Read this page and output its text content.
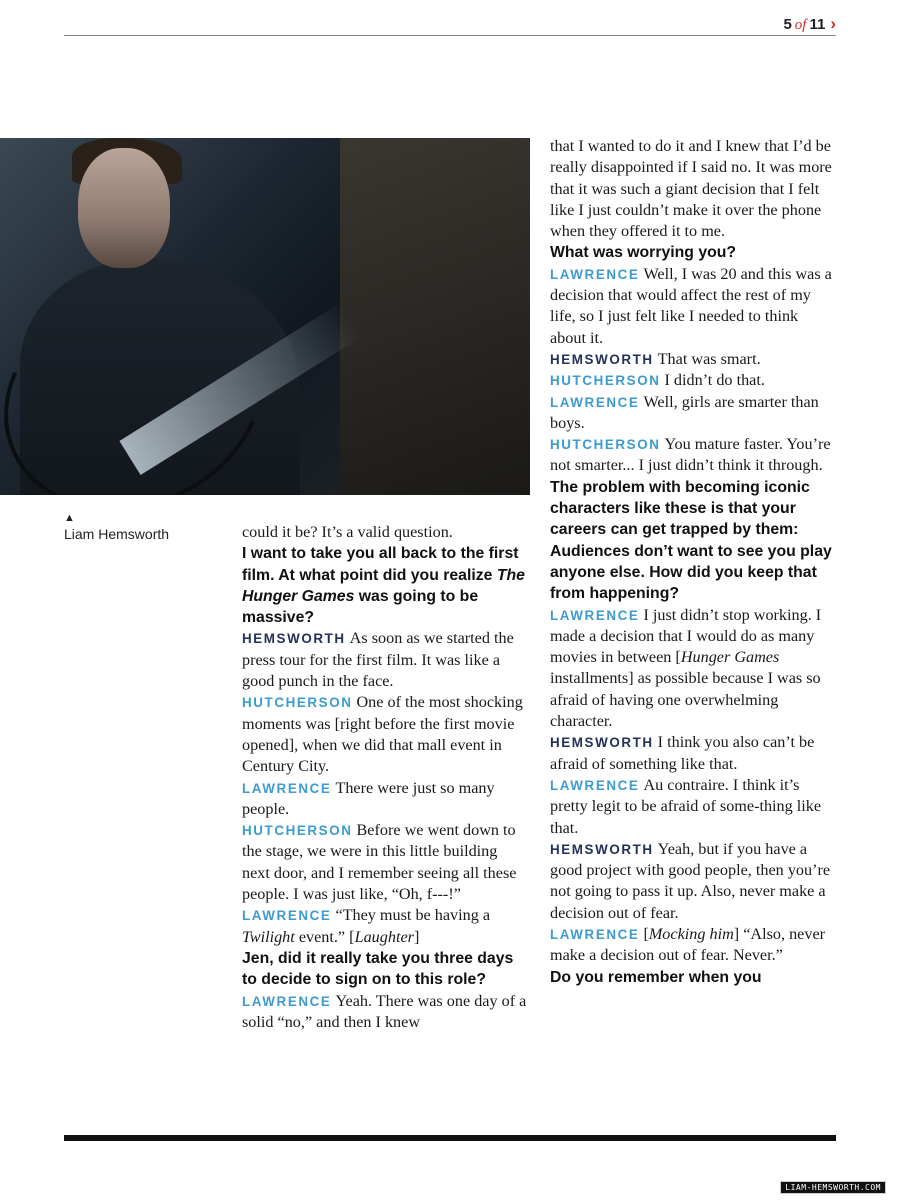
5 of 11 ›
▲
Liam Hemsworth	could it be? It’s a valid question.

I want to take you all back to the first film. At what point did you realize The Hunger Games was going to be massive?

HEMSWORTH As soon as we started the press tour for the first film. It was like a good punch in the face.

HUTCHERSON One of the most shocking moments was [right before the first movie opened], when we did that mall event in Century City.

LAWRENCE There were just so many people.

HUTCHERSON Before we went down to the stage, we were in this little building next door, and I remember seeing all these people. I was just like, “Oh, f---!”

LAWRENCE “They must be having a Twilight event.” [Laughter]

Jen, did it really take you three days to decide to sign on to this role?

LAWRENCE Yeah. There was one day of a solid “no,” and then I knew

that I wanted to do it and I knew that I’d be really disappointed if I said no. It was more that it was such a giant decision that I felt like I just couldn’t make it over the phone when they offered it to me.

What was worrying you?

LAWRENCE Well, I was 20 and this was a decision that would affect the rest of my life, so I just felt like I needed to think about it.

HEMSWORTH That was smart.

HUTCHERSON I didn’t do that.

LAWRENCE Well, girls are smarter than boys.

HUTCHERSON You mature faster. You’re not smarter... I just didn’t think it through.

The problem with becoming iconic characters like these is that your careers can get trapped by them: Audiences don’t want to see you play anyone else. How did you keep that from happening?

LAWRENCE I just didn’t stop working. I made a decision that I would do as many movies in between [Hunger Games installments] as possible because I was so afraid of having one overwhelming character.

HEMSWORTH I think you also can’t be afraid of something like that.

LAWRENCE Au contraire. I think it’s pretty legit to be afraid of some-thing like that.

HEMSWORTH Yeah, but if you have a good project with good people, then you’re not going to pass it up. Also, never make a decision out of fear.

LAWRENCE [Mocking him] “Also, never make a decision out of fear. Never.”

Do you remember when you

LIAM-HEMSWORTH.COM
